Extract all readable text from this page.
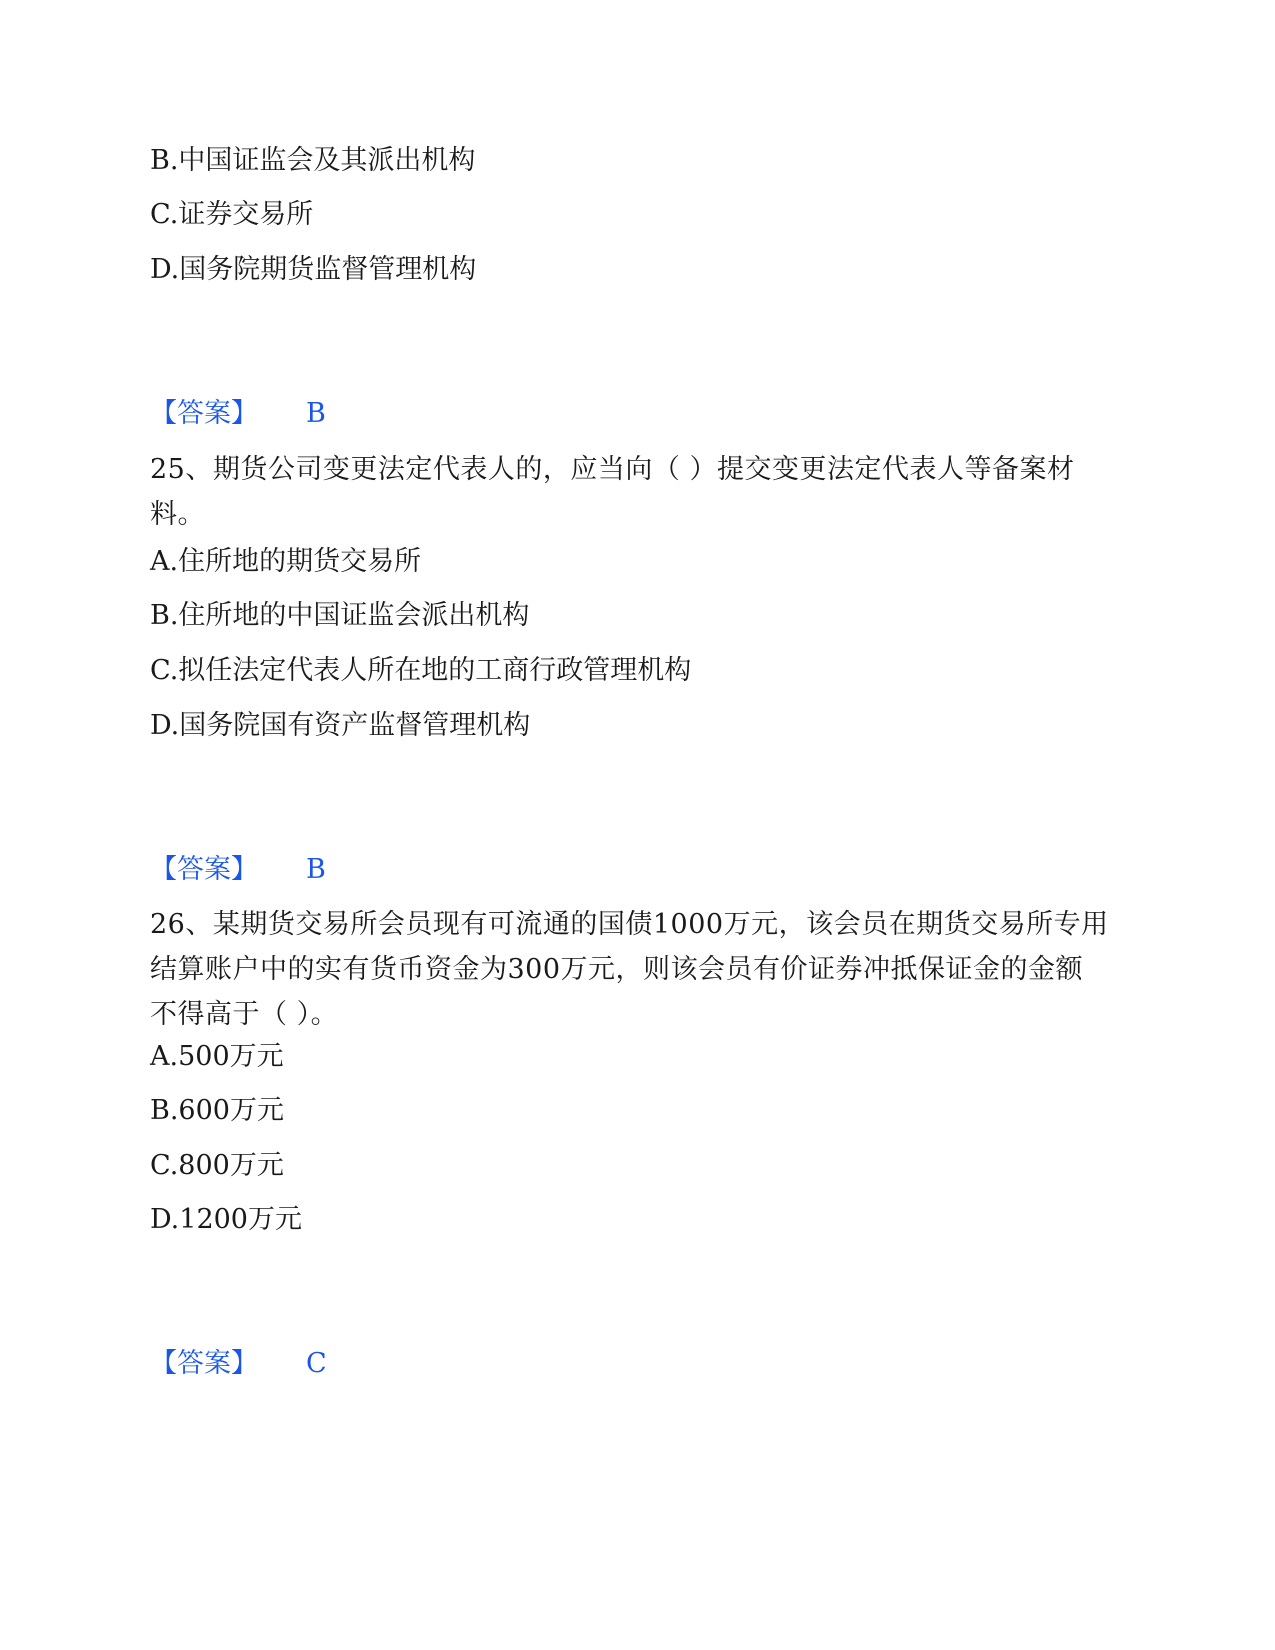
B.中国证监会及其派出机构
C.证券交易所
D.国务院期货监督管理机构
【答案】 B
25、期货公司变更法定代表人的，应当向（ ）提交变更法定代表人等备案材料。
A.住所地的期货交易所
B.住所地的中国证监会派出机构
C.拟任法定代表人所在地的工商行政管理机构
D.国务院国有资产监督管理机构
【答案】 B
26、某期货交易所会员现有可流通的国债1000万元，该会员在期货交易所专用结算账户中的实有货币资金为300万元，则该会员有价证券冲抵保证金的金额不得高于（ ）。
A.500万元
B.600万元
C.800万元
D.1200万元
【答案】 C
